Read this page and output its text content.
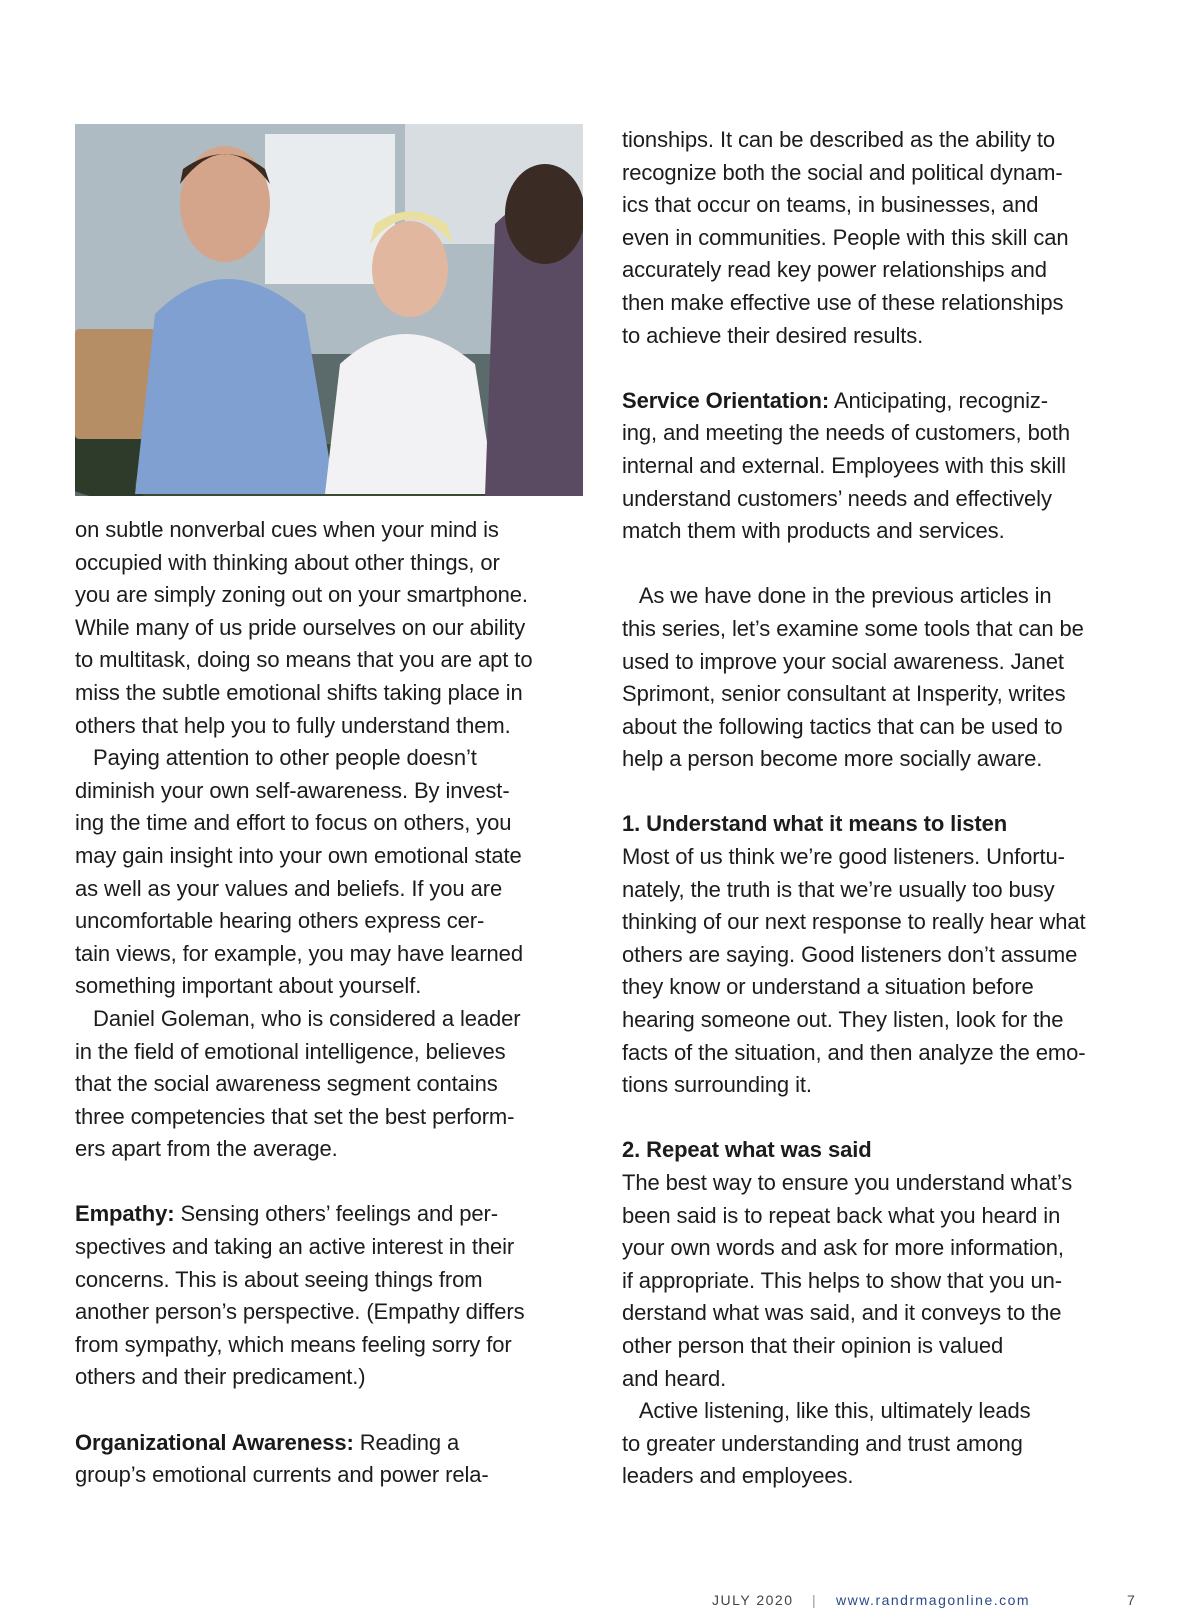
on subtle nonverbal cues when your mind is
occupied with thinking about other things, or
you are simply zoning out on your smartphone.
While many of us pride ourselves on our ability
to multitask, doing so means that you are apt to
miss the subtle emotional shifts taking place in
others that help you to fully understand them.
Paying attention to other people doesn’t
diminish your own self-awareness. By invest-
ing the time and effort to focus on others, you
may gain insight into your own emotional state
as well as your values and beliefs. If you are
uncomfortable hearing others express cer-
tain views, for example, you may have learned
something important about yourself.
Daniel Goleman, who is considered a leader
in the field of emotional intelligence, believes
that the social awareness segment contains
three competencies that set the best perform-
ers apart from the average.
Empathy: Sensing others’ feelings and per-
spectives and taking an active interest in their
concerns. This is about seeing things from
another person’s perspective. (Empathy differs
from sympathy, which means feeling sorry for
others and their predicament.)
Organizational Awareness: Reading a
group’s emotional currents and power rela-
tionships. It can be described as the ability to
recognize both the social and political dynam-
ics that occur on teams, in businesses, and
even in communities. People with this skill can
accurately read key power relationships and
then make effective use of these relationships
to achieve their desired results.
Service Orientation: Anticipating, recogniz-
ing, and meeting the needs of customers, both
internal and external. Employees with this skill
understand customers’ needs and effectively
match them with products and services.
As we have done in the previous articles in
this series, let’s examine some tools that can be
used to improve your social awareness. Janet
Sprimont, senior consultant at Insperity, writes
about the following tactics that can be used to
help a person become more socially aware.
1. Understand what it means to listen
Most of us think we’re good listeners. Unfortu-
nately, the truth is that we’re usually too busy
thinking of our next response to really hear what
others are saying. Good listeners don’t assume
they know or understand a situation before
hearing someone out. They listen, look for the
facts of the situation, and then analyze the emo-
tions surrounding it.
2. Repeat what was said
The best way to ensure you understand what’s
been said is to repeat back what you heard in
your own words and ask for more information,
if appropriate. This helps to show that you un-
derstand what was said, and it conveys to the
other person that their opinion is valued
and heard.
Active listening, like this, ultimately leads
to greater understanding and trust among
leaders and employees.
JULY 2020 | www.randrmagonline.com	7
